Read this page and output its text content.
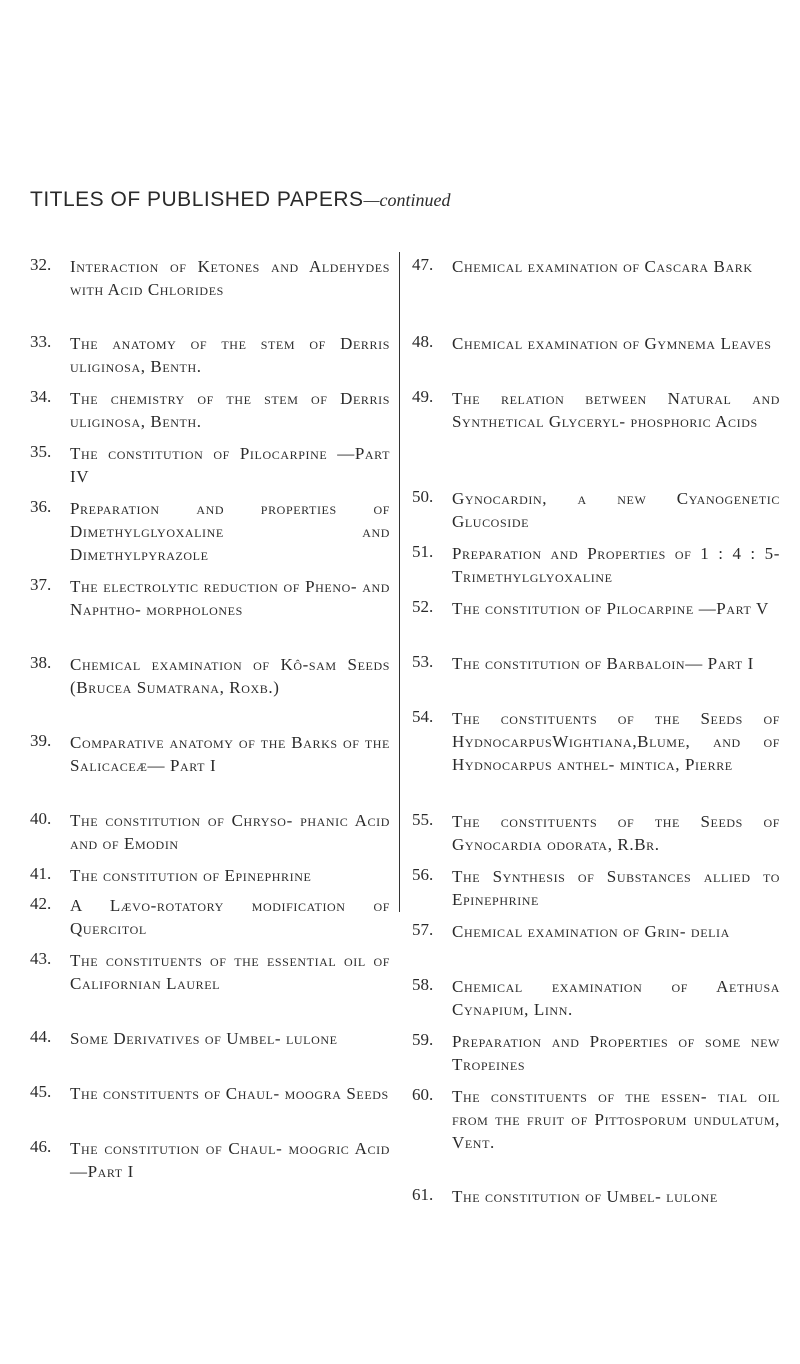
TITLES OF PUBLISHED PAPERS—continued
32. Interaction of Ketones and Aldehydes with Acid Chlorides
33. The anatomy of the stem of Derris uliginosa, Benth.
34. The chemistry of the stem of Derris uliginosa, Benth.
35. The constitution of Pilocarpine —Part IV
36. Preparation and properties of Dimethylglyoxaline and Dimethylpyrazole
37. The electrolytic reduction of Pheno- and Naphtho- morpholones
38. Chemical examination of Kô-sam Seeds (Brucea Sumatrana, Roxb.)
39. Comparative anatomy of the Barks of the Salicaceæ— Part I
40. The constitution of Chryso- phanic Acid and of Emodin
41. The constitution of Epinephrine
42. A Lævo-rotatory modification of Quercitol
43. The constituents of the essential oil of Californian Laurel
44. Some Derivatives of Umbel- lulone
45. The constituents of Chaul- moogra Seeds
46. The constitution of Chaul- moogric Acid—Part I
47. Chemical examination of Cascara Bark
48. Chemical examination of Gymnema Leaves
49. The relation between Natural and Synthetical Glyceryl- phosphoric Acids
50. Gynocardin, a new Cyanogenetic Glucoside
51. Preparation and Properties of 1 : 4 : 5-Trimethylglyoxaline
52. The constitution of Pilocarpine —Part V
53. The constitution of Barbaloin— Part I
54. The constituents of the Seeds of HydnocarpusWightiana,Blume, and of Hydnocarpus anthel- mintica, Pierre
55. The constituents of the Seeds of Gynocardia odorata, R.Br.
56. The Synthesis of Substances allied to Epinephrine
57. Chemical examination of Grin- delia
58. Chemical examination of Aethusa Cynapium, Linn.
59. Preparation and Properties of some new Tropeines
60. The constituents of the essen- tial oil from the fruit of Pittosporum undulatum, Vent.
61. The constitution of Umbel- lulone
